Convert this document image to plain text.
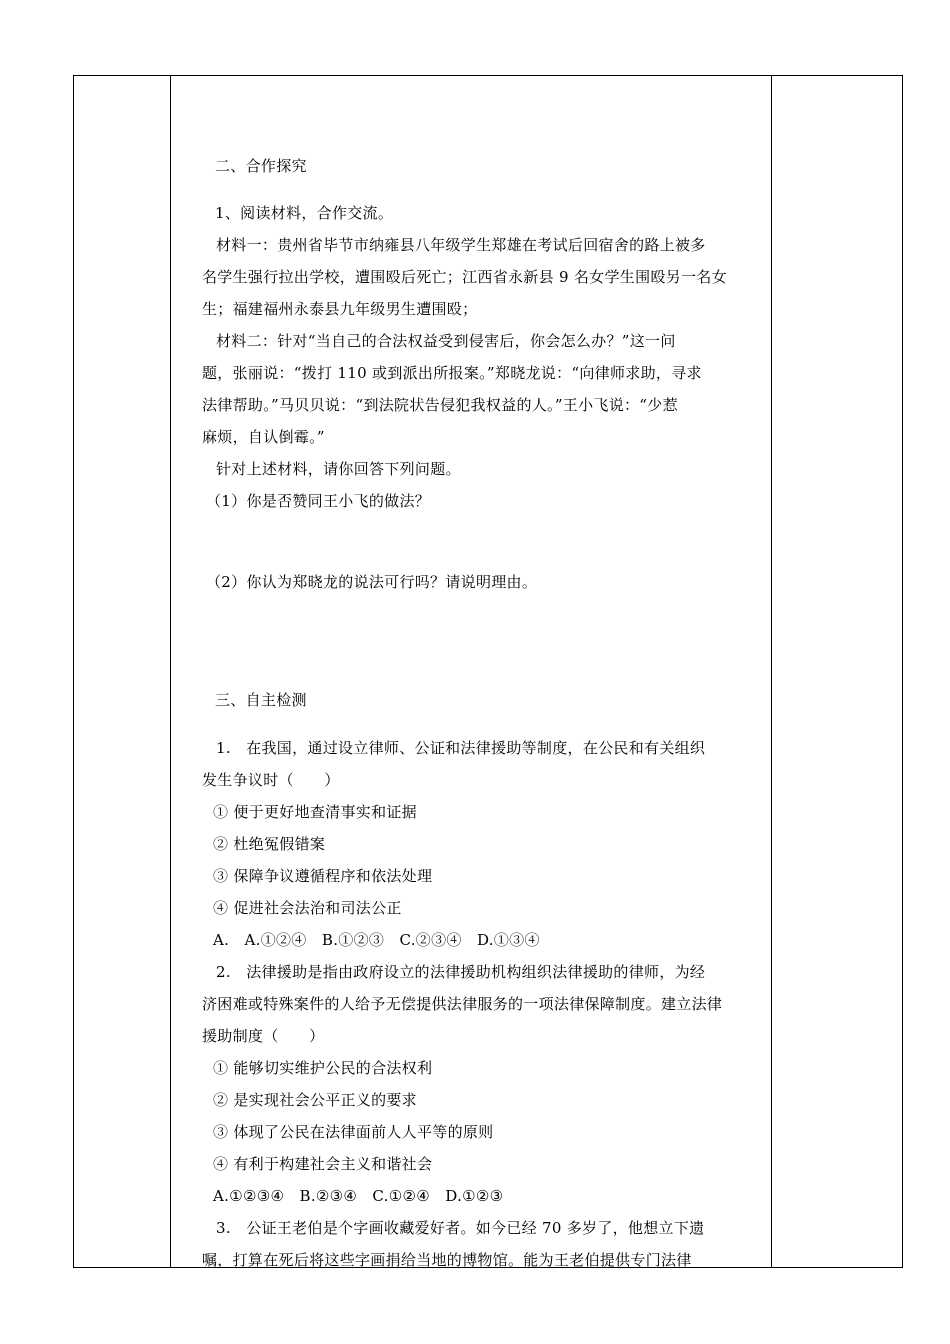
二、合作探究
1、阅读材料，合作交流。
材料一：贵州省毕节市纳雍县八年级学生郑雄在考试后回宿舍的路上被多
名学生强行拉出学校，遭围殴后死亡；江西省永新县 9 名女学生围殴另一名女
生；福建福州永泰县九年级男生遭围殴；
材料二：针对“当自己的合法权益受到侵害后，你会怎么办？”这一问
题，张丽说：“拨打 110 或到派出所报案。”郑晓龙说：“向律师求助，寻求
法律帮助。”马贝贝说：“到法院状告侵犯我权益的人。”王小飞说：“少惹
麻烦，自认倒霉。”
针对上述材料，请你回答下列问题。
（1）你是否赞同王小飞的做法？
（2）你认为郑晓龙的说法可行吗？请说明理由。
三、自主检测
1.　在我国，通过设立律师、公证和法律援助等制度，在公民和有关组织
发生争议时（　　）
① 便于更好地查清事实和证据
② 杜绝冤假错案
③ 保障争议遵循程序和依法处理
④ 促进社会法治和司法公正
A.　A.①②④　B.①②③　C.②③④　D.①③④
2.　法律援助是指由政府设立的法律援助机构组织法律援助的律师，为经
济困难或特殊案件的人给予无偿提供法律服务的一项法律保障制度。建立法律
援助制度（　　）
① 能够切实维护公民的合法权利
② 是实现社会公平正义的要求
③ 体现了公民在法律面前人人平等的原则
④ 有利于构建社会主义和谐社会
A.①②③④　B.②③④　C.①②④　D.①②③
3.　公证王老伯是个字画收藏爱好者。如今已经 70 多岁了，他想立下遗
嘱，打算在死后将这些字画捐给当地的博物馆。能为王老伯提供专门法律
